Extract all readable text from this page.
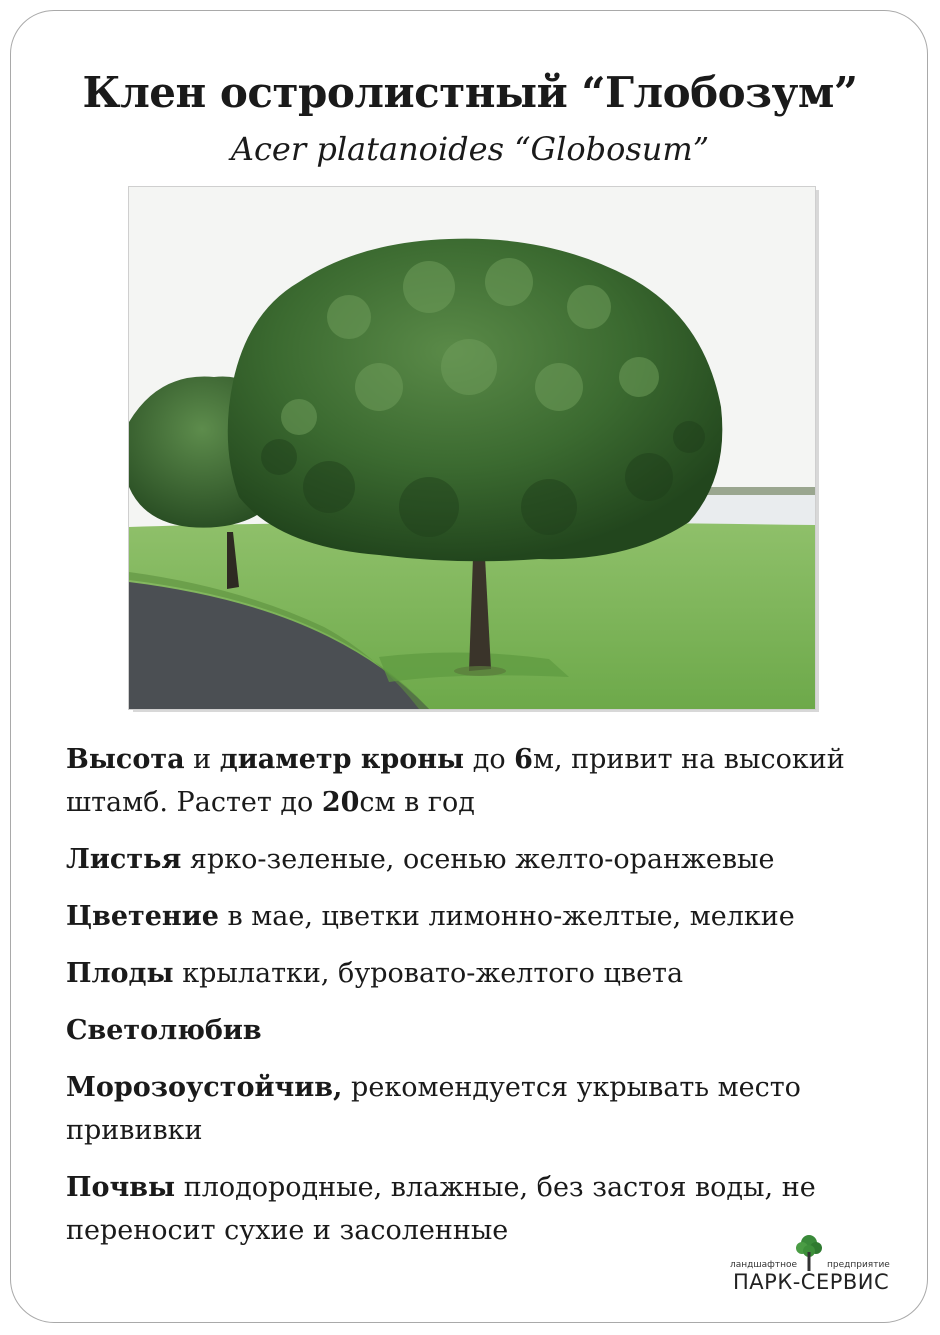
Клен остролистный “Глобозум”
Acer platanoides “Globosum”

Высота и диаметр кроны до 6м, привит на высокий штамб. Растет до 20см в год

Листья ярко-зеленые, осенью желто-оранжевые

Цветение в мае, цветки лимонно-желтые, мелкие

Плоды крылатки, буровато-желтого цвета

Светолюбив

Морозоустойчив, рекомендуется укрывать место прививки

Почвы плодородные, влажные, без застоя воды, не переносит сухие и засоленные

ландшафтное	предприятие
ПАРК-СЕРВИС
